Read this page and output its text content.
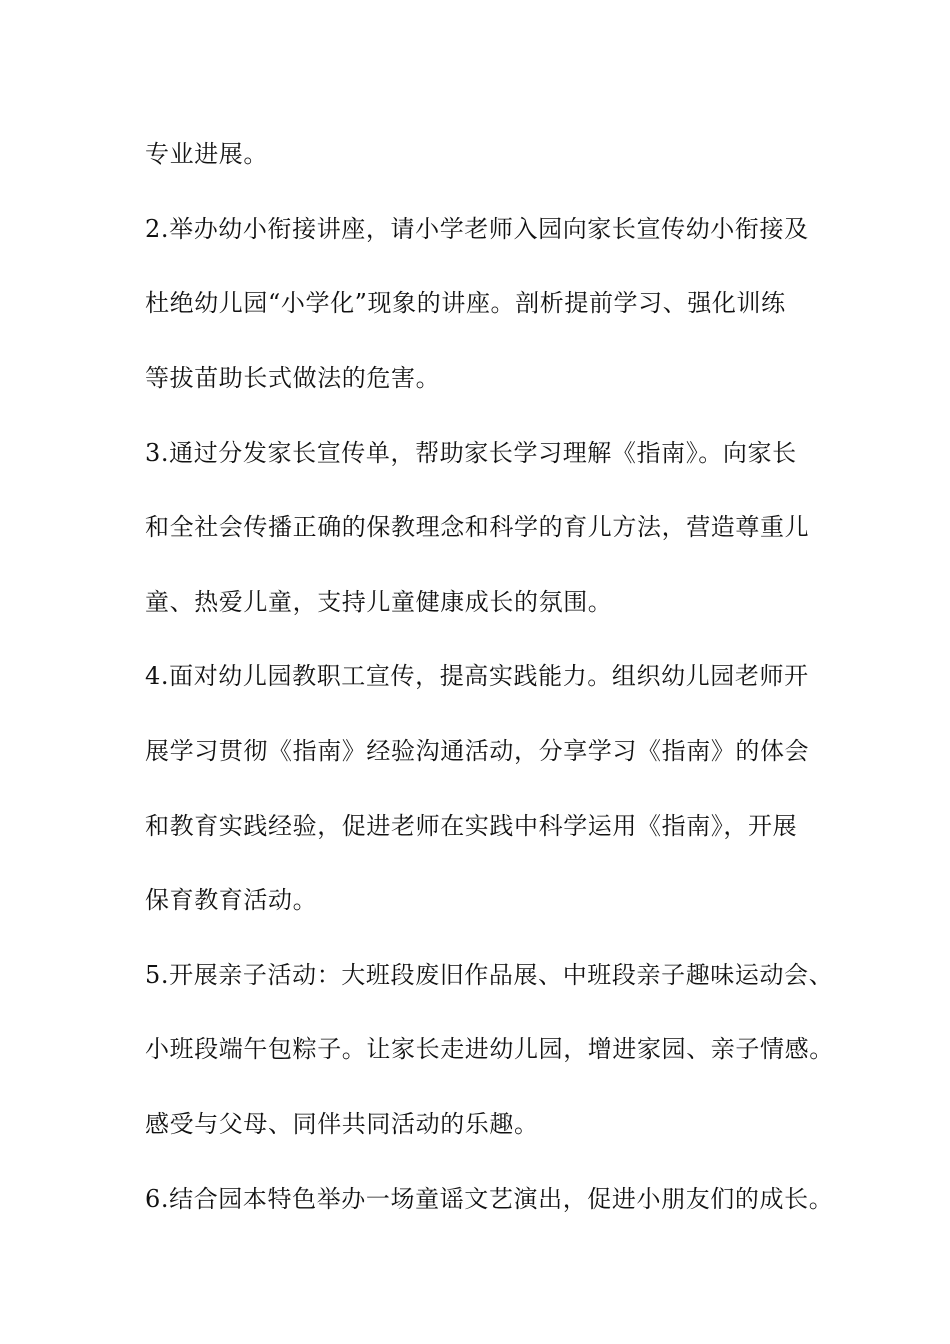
专业进展。
2.举办幼小衔接讲座，请小学老师入园向家长宣传幼小衔接及
杜绝幼儿园“小学化”现象的讲座。剖析提前学习、强化训练
等拔苗助长式做法的危害。
3.通过分发家长宣传单，帮助家长学习理解《指南》。向家长
和全社会传播正确的保教理念和科学的育儿方法，营造尊重儿
童、热爱儿童，支持儿童健康成长的氛围。
4.面对幼儿园教职工宣传，提高实践能力。组织幼儿园老师开
展学习贯彻《指南》经验沟通活动，分享学习《指南》的体会
和教育实践经验，促进老师在实践中科学运用《指南》，开展
保育教育活动。
5.开展亲子活动：大班段废旧作品展、中班段亲子趣味运动会、
小班段端午包粽子。让家长走进幼儿园，增进家园、亲子情感。
感受与父母、同伴共同活动的乐趣。
6.结合园本特色举办一场童谣文艺演出，促进小朋友们的成长。
